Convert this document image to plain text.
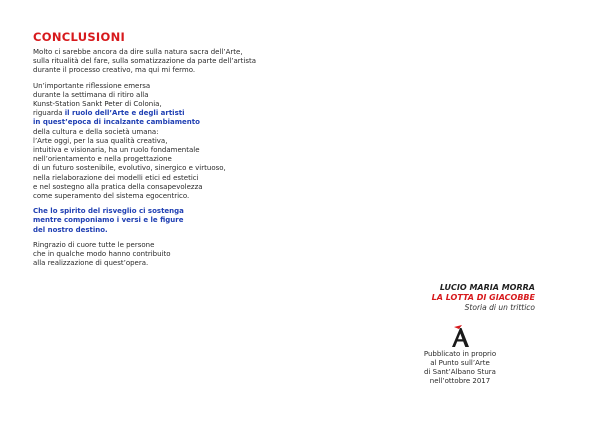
CONCLUSIONI
Molto ci sarebbe ancora da dire sulla natura sacra dell’Arte,
sulla ritualità del fare, sulla somatizzazione da parte dell’artista
durante il processo creativo, ma qui mi fermo.
Un’importante riflessione emersa
durante la settimana di ritiro alla
Kunst-Station Sankt Peter di Colonia,
riguarda il ruolo dell’Arte e degli artisti
in quest’epoca di incalzante cambiamento
della cultura e della società umana:
l’Arte oggi, per la sua qualità creativa,
intuitiva e visionaria, ha un ruolo fondamentale
nell’orientamento e nella progettazione
di un futuro sostenibile, evolutivo, sinergico e virtuoso,
nella rielaborazione dei modelli etici ed estetici
e nel sostegno alla pratica della consapevolezza
come superamento del sistema egocentrico.
Che lo spirito del risveglio ci sostenga
mentre componiamo i versi e le figure
del nostro destino.
Ringrazio di cuore tutte le persone
che in qualche modo hanno contribuito
alla realizzazione di quest’opera.
LUCIO MARIA MORRA
LA LOTTA DI GIACOBBE
Storia di un trittico
Pubblicato in proprio
al Punto sull’Arte
di Sant’Albano Stura
nell’ottobre 2017
